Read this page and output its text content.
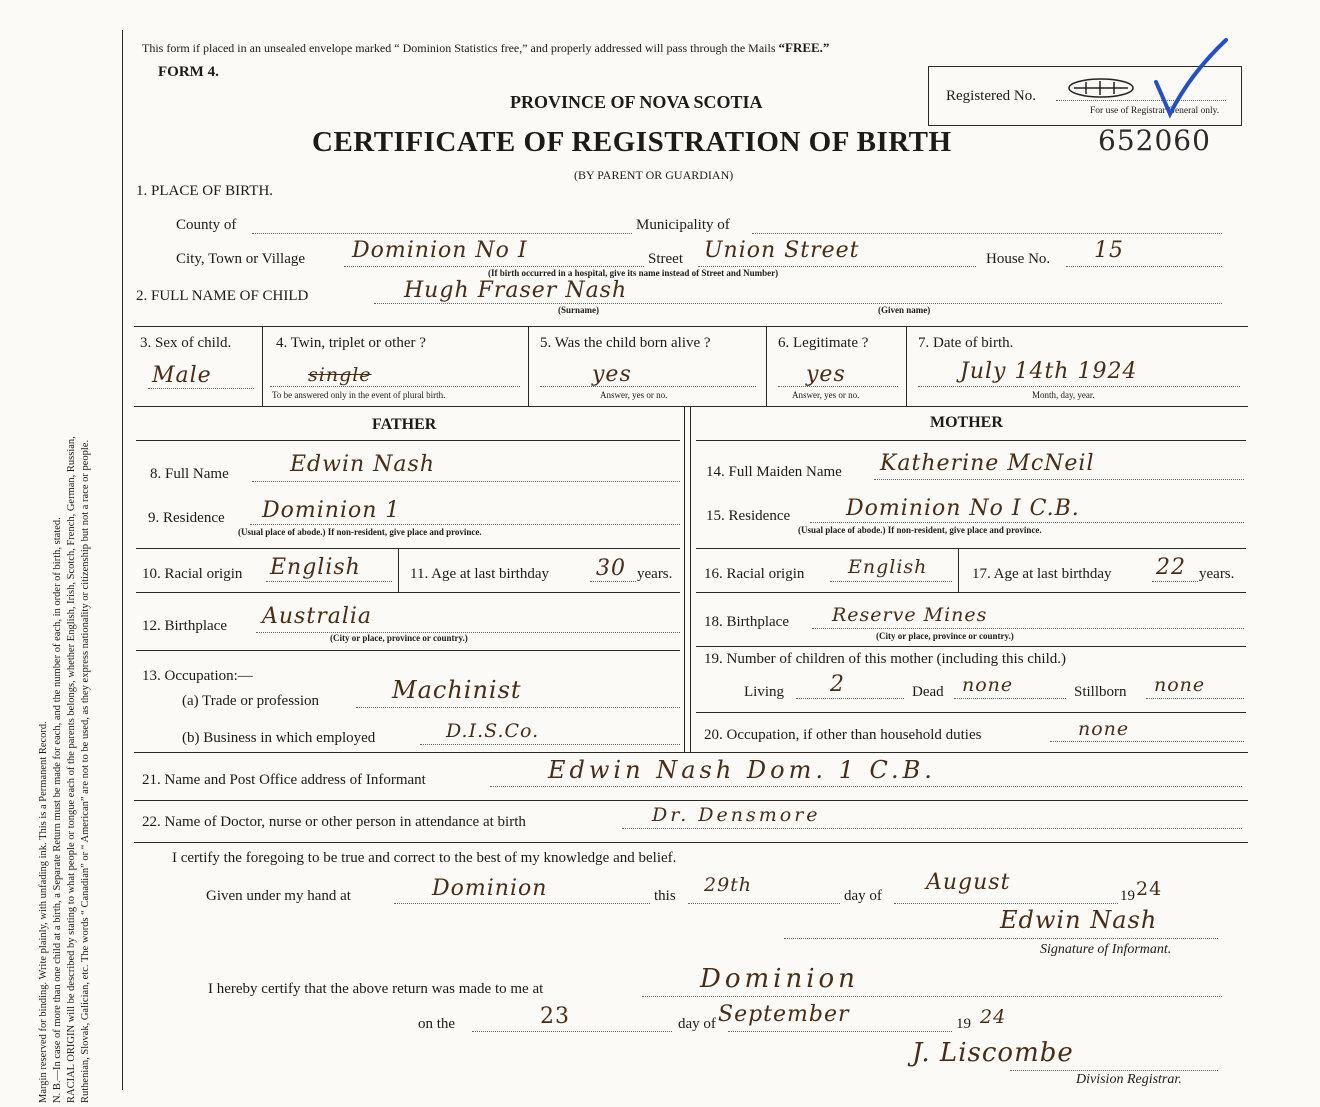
Margin reserved for binding. Write plainly, with unfading ink. This is a Permanent Record. N. B.—In case of more than one child at a birth, a Separate Return must be made for each, and the number of each, in order of birth, stated. RACIAL ORIGIN will be described by stating to what people or tongue each of the parents belongs, whether English, Irish, Scotch, French, German, Russian, Ruthenian, Slovak, Galician, etc. The words “ Canadian” or “ American” are not to be used, as they express nationality or citizenship but not a race or people.
This form if placed in an unsealed envelope marked “ Dominion Statistics free,” and properly addressed will pass through the Mails “FREE.”
FORM 4.
PROVINCE OF NOVA SCOTIA
CERTIFICATE OF REGISTRATION OF BIRTH
(BY PARENT OR GUARDIAN)
Registered No.
For use of Registrar General only.
652060
1. PLACE OF BIRTH.
County of	Municipality of
City, Town or Village Dominion No I	Street Union Street	House No. 15
(If birth occurred in a hospital, give its name instead of Street and Number)
2. FULL NAME OF CHILD	Hugh Fraser Nash
(Surname)	(Given name)
3. Sex of child.
Male
4. Twin, triplet or other ?
single
To be answered only in the event of plural birth.
5. Was the child born alive ?
yes
Answer, yes or no.
6. Legitimate ?
yes
Answer, yes or no.
7. Date of birth.
July 14th 1924
Month, day, year.
FATHER	MOTHER
8. Full Name	Edwin Nash
9. Residence Dominion 1
(Usual place of abode.) If non-resident, give place and province.
10. Racial origin English	11. Age at last birthday 30 years.
12. Birthplace Australia
(City or place, province or country.)
13. Occupation:—
(a) Trade or profession	Machinist
(b) Business in which employed	D.I.S.Co.
14. Full Maiden Name Katherine McNeil
15. Residence	Dominion No I C.B.
(Usual place of abode.) If non-resident, give place and province.
16. Racial origin English	17. Age at last birthday 22 years.
18. Birthplace Reserve Mines
(City or place, province or country.)
19. Number of children of this mother (including this child.)
Living 2	Dead none	Stillborn none
20. Occupation, if other than household duties	none
21. Name and Post Office address of Informant	Edwin Nash Dom. 1 C.B.
22. Name of Doctor, nurse or other person in attendance at birth	Dr. Densmore
I certify the foregoing to be true and correct to the best of my knowledge and belief.
Given under my hand at	Dominion	this 29th	day of
August
19 24
Edwin Nash
Signature of Informant.
I hereby certify that the above return was made to me at	Dominion
on the	23	day of September	19 24
J. Liscombe
Division Registrar.
